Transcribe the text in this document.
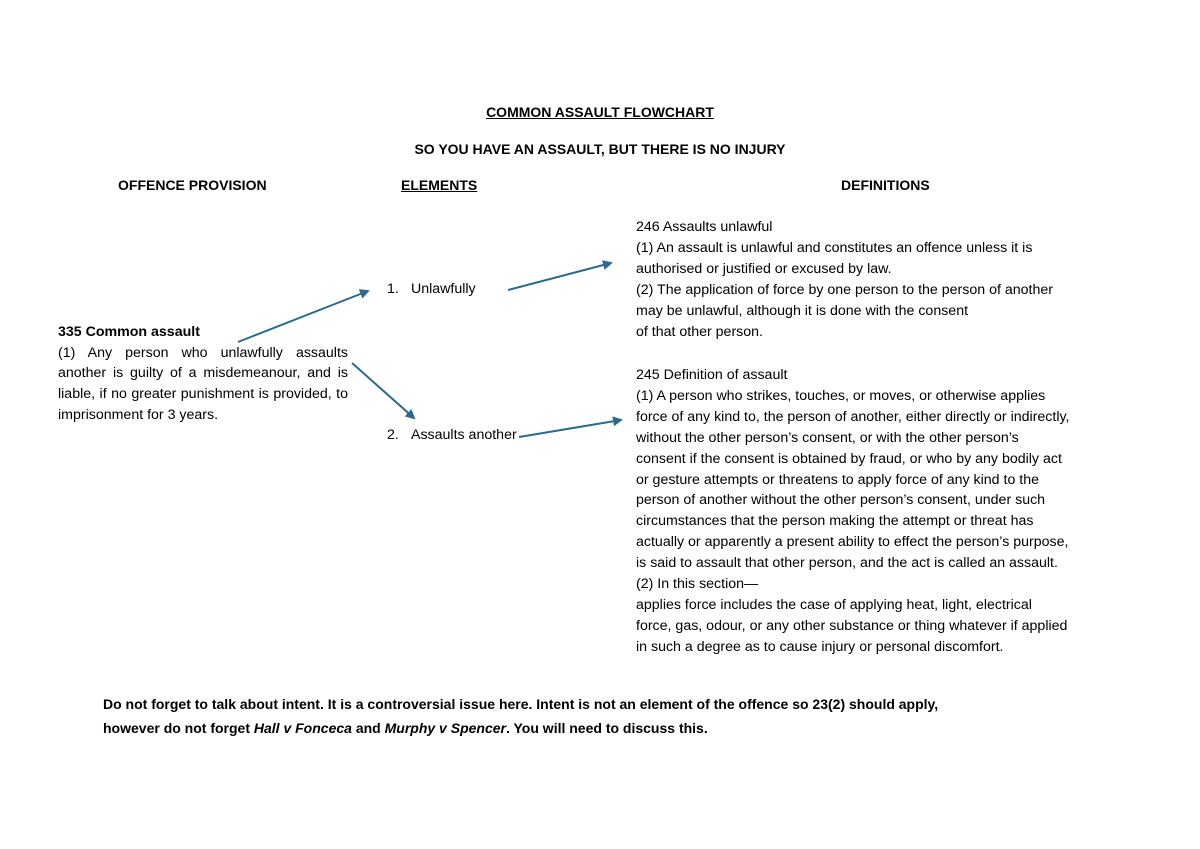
COMMON ASSAULT FLOWCHART
SO YOU HAVE AN ASSAULT, BUT THERE IS NO INJURY
OFFENCE PROVISION	ELEMENTS	DEFINITIONS
335 Common assault
(1) Any person who unlawfully assaults another is guilty of a misdemeanour, and is liable, if no greater punishment is provided, to imprisonment for 3 years.
1. Unlawfully
2. Assaults another
246 Assaults unlawful
(1) An assault is unlawful and constitutes an offence unless it is
authorised or justified or excused by law.
(2) The application of force by one person to the person of another
may be unlawful, although it is done with the consent
of that other person.
245 Definition of assault
(1) A person who strikes, touches, or moves, or otherwise applies
force of any kind to, the person of another, either directly or indirectly,
without the other person’s consent, or with the other person’s
consent if the consent is obtained by fraud, or who by any bodily act
or gesture attempts or threatens to apply force of any kind to the
person of another without the other person’s consent, under such
circumstances that the person making the attempt or threat has
actually or apparently a present ability to effect the person’s purpose,
is said to assault that other person, and the act is called an assault.
(2) In this section—
applies force includes the case of applying heat, light, electrical
force, gas, odour, or any other substance or thing whatever if applied
in such a degree as to cause injury or personal discomfort.
Do not forget to talk about intent. It is a controversial issue here. Intent is not an element of the offence so 23(2) should apply,
however do not forget Hall v Fonceca and Murphy v Spencer. You will need to discuss this.
